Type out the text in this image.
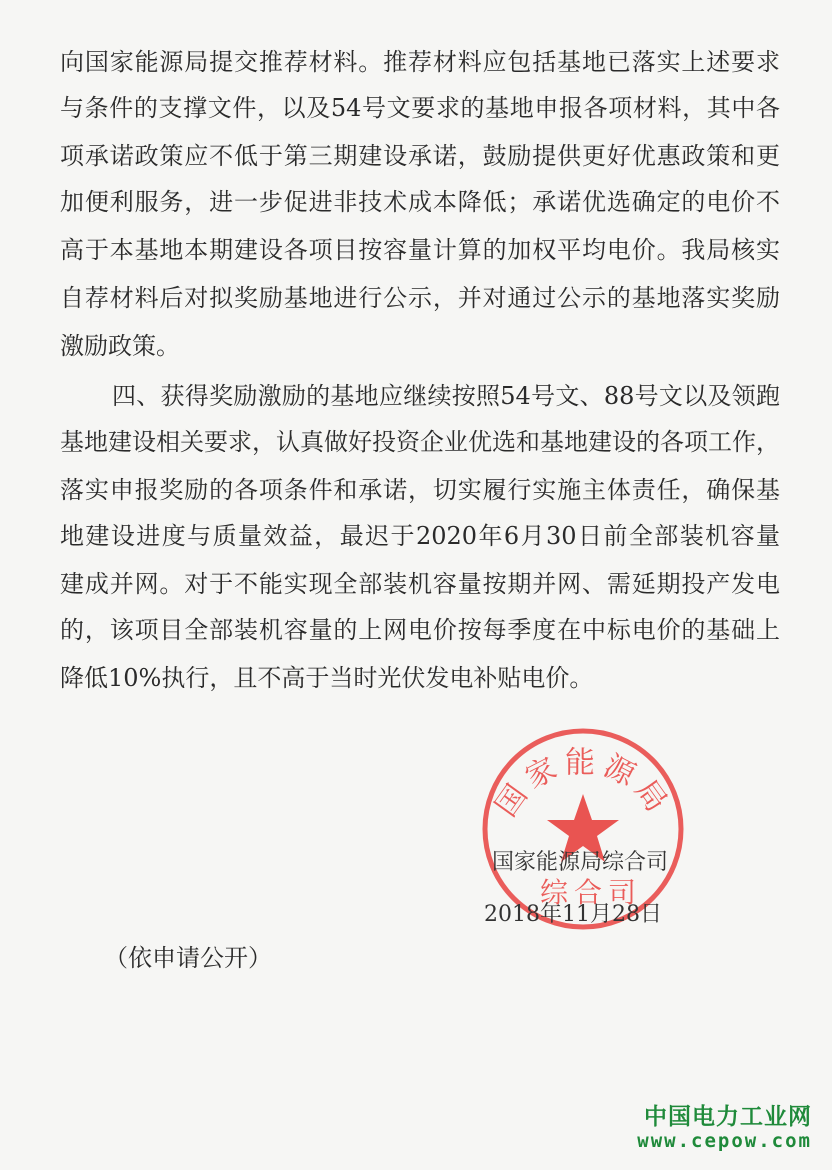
向国家能源局提交推荐材料。推荐材料应包括基地已落实上述要求
与条件的支撑文件，以及54号文要求的基地申报各项材料，其中各
项承诺政策应不低于第三期建设承诺，鼓励提供更好优惠政策和更
加便利服务，进一步促进非技术成本降低；承诺优选确定的电价不
高于本基地本期建设各项目按容量计算的加权平均电价。我局核实
自荐材料后对拟奖励基地进行公示，并对通过公示的基地落实奖励
激励政策。
四、获得奖励激励的基地应继续按照54号文、88号文以及领跑
基地建设相关要求，认真做好投资企业优选和基地建设的各项工作，
落实申报奖励的各项条件和承诺，切实履行实施主体责任，确保基
地建设进度与质量效益，最迟于2020年6月30日前全部装机容量
建成并网。对于不能实现全部装机容量按期并网、需延期投产发电
的，该项目全部装机容量的上网电价按每季度在中标电价的基础上
降低10%执行，且不高于当时光伏发电补贴电价。
国家能源局
国家能源局综合司
综合司
2018年11月28日
（依申请公开）
中国电力工业网
www.cepow.com
